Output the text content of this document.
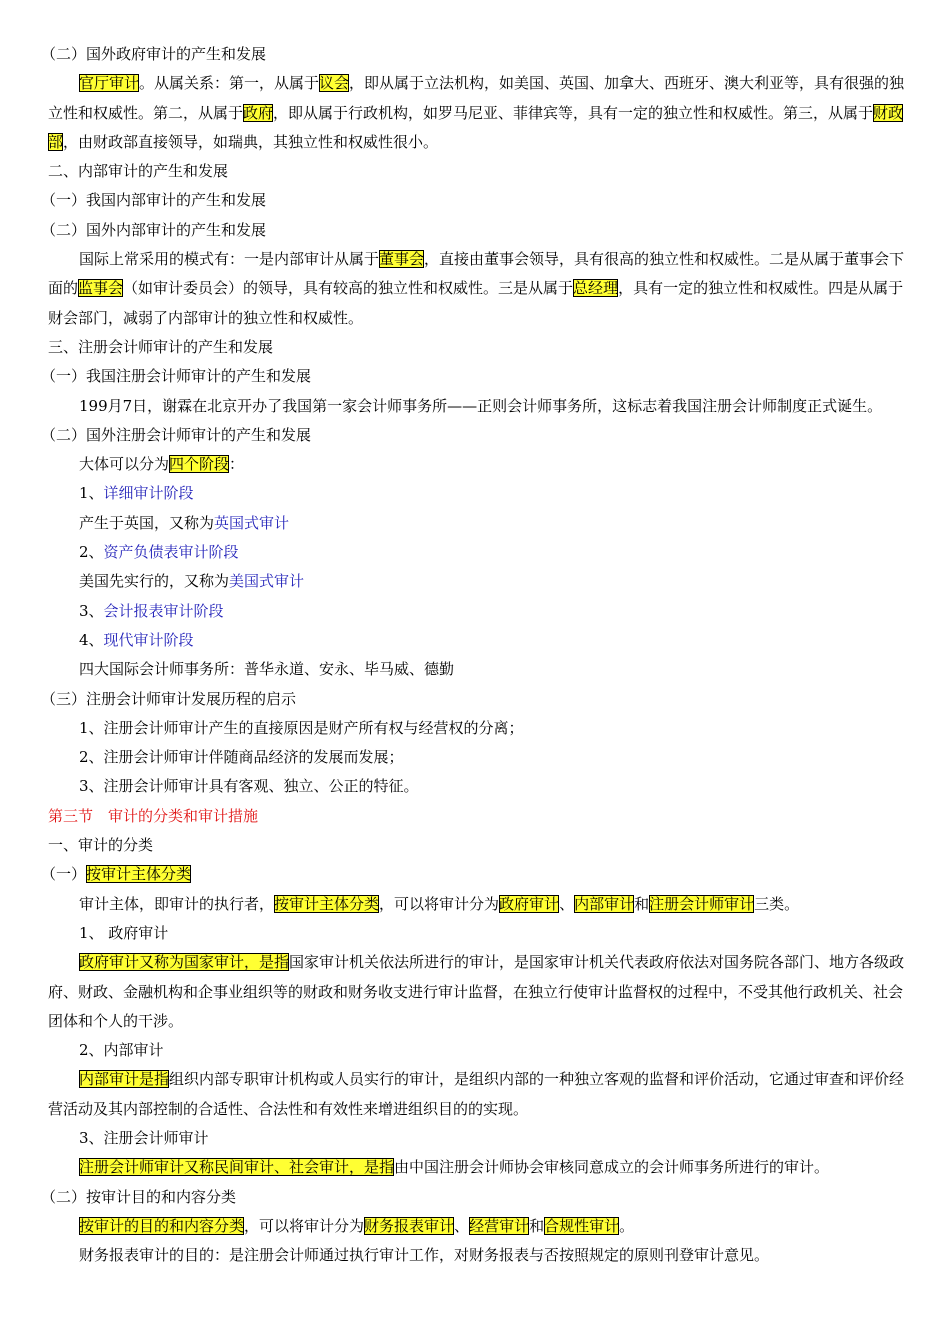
（二）国外政府审计的产生和发展

官厅审计。从属关系：第一，从属于议会，即从属于立法机构，如美国、英国、加拿大、西班牙、澳大利亚等，具有很强的独立性和权威性。第二，从属于政府，即从属于行政机构，如罗马尼亚、菲律宾等，具有一定的独立性和权威性。第三，从属于财政部，由财政部直接领导，如瑞典，其独立性和权威性很小。

二、内部审计的产生和发展

（一）我国内部审计的产生和发展

（二）国外内部审计的产生和发展

国际上常采用的模式有：一是内部审计从属于董事会，直接由董事会领导，具有很高的独立性和权威性。二是从属于董事会下面的监事会（如审计委员会）的领导，具有较高的独立性和权威性。三是从属于总经理，具有一定的独立性和权威性。四是从属于财会部门，减弱了内部审计的独立性和权威性。

三、注册会计师审计的产生和发展

（一）我国注册会计师审计的产生和发展

199月7日，谢霖在北京开办了我国第一家会计师事务所——正则会计师事务所，这标志着我国注册会计师制度正式诞生。

（二）国外注册会计师审计的产生和发展

大体可以分为四个阶段：

1、详细审计阶段

产生于英国，又称为英国式审计

2、资产负债表审计阶段

美国先实行的，又称为美国式审计

3、会计报表审计阶段

4、现代审计阶段

四大国际会计师事务所：普华永道、安永、毕马威、德勤

（三）注册会计师审计发展历程的启示

1、注册会计师审计产生的直接原因是财产所有权与经营权的分离；

2、注册会计师审计伴随商品经济的发展而发展；

3、注册会计师审计具有客观、独立、公正的特征。

第三节　审计的分类和审计措施

一、审计的分类

（一）按审计主体分类

审计主体，即审计的执行者，按审计主体分类，可以将审计分为政府审计、内部审计和注册会计师审计三类。

1、 政府审计

政府审计又称为国家审计，是指国家审计机关依法所进行的审计，是国家审计机关代表政府依法对国务院各部门、地方各级政府、财政、金融机构和企事业组织等的财政和财务收支进行审计监督，在独立行使审计监督权的过程中，不受其他行政机关、社会团体和个人的干涉。

2、内部审计

内部审计是指组织内部专职审计机构或人员实行的审计，是组织内部的一种独立客观的监督和评价活动，它通过审查和评价经营活动及其内部控制的合适性、合法性和有效性来增进组织目的的实现。

3、注册会计师审计

注册会计师审计又称民间审计、社会审计，是指由中国注册会计师协会审核同意成立的会计师事务所进行的审计。

（二）按审计目的和内容分类

按审计的目的和内容分类，可以将审计分为财务报表审计、经营审计和合规性审计。

财务报表审计的目的：是注册会计师通过执行审计工作，对财务报表与否按照规定的原则刊登审计意见。
